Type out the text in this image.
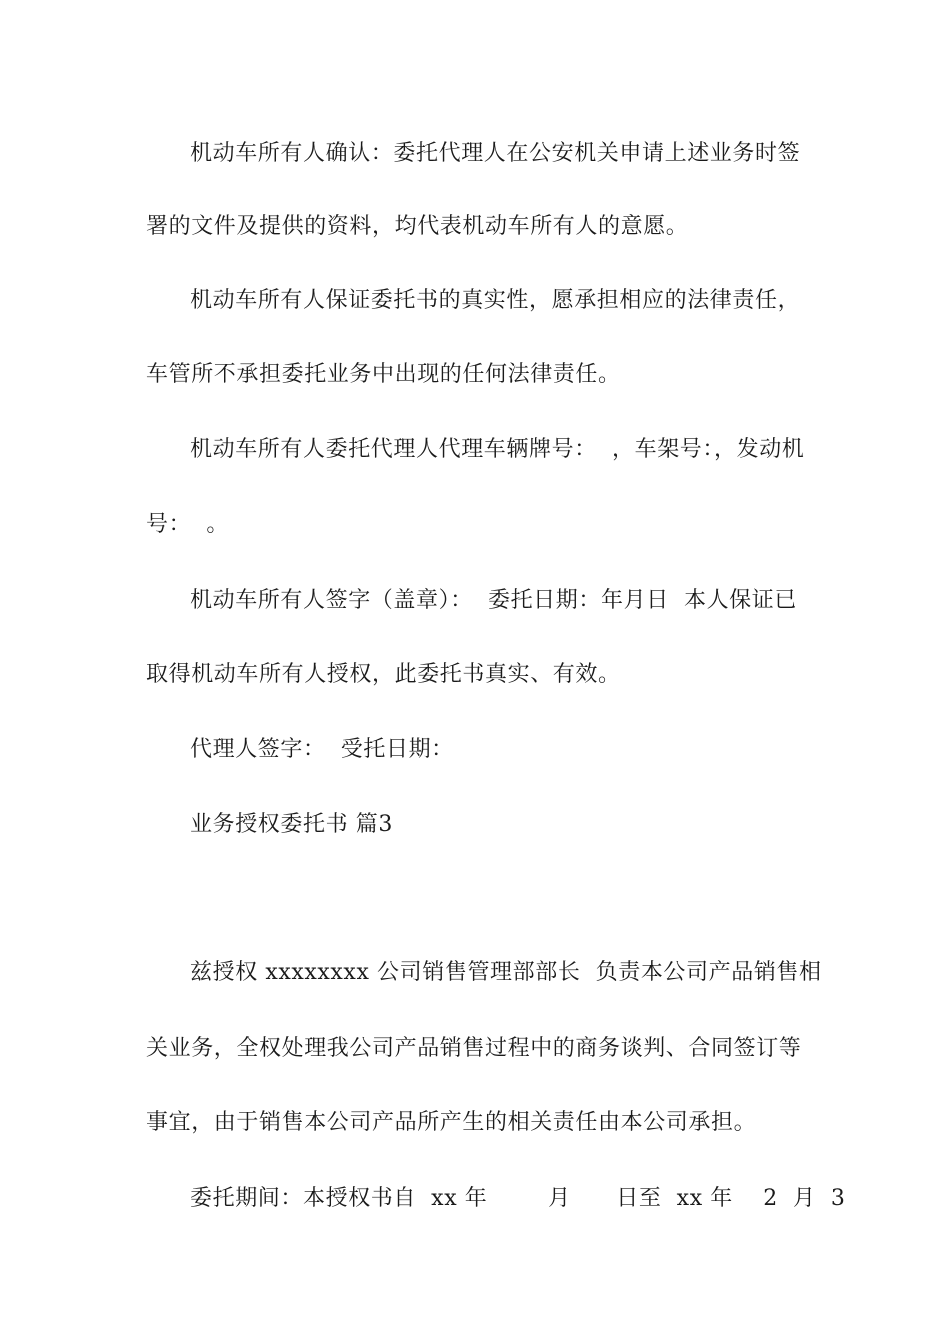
机动车所有人确认：委托代理人在公安机关申请上述业务时签
署的文件及提供的资料，均代表机动车所有人的意愿。
机动车所有人保证委托书的真实性，愿承担相应的法律责任，
车管所不承担委托业务中出现的任何法律责任。
机动车所有人委托代理人代理车辆牌号：  ，车架号：，发动机
号：  。
机动车所有人签字（盖章）：  委托日期：年月日  本人保证已
取得机动车所有人授权，此委托书真实、有效。
代理人签字：  受托日期：
业务授权委托书 篇3
兹授权 xxxxxxxx 公司销售管理部部长  负责本公司产品销售相
关业务，全权处理我公司产品销售过程中的商务谈判、合同签订等
事宜，由于销售本公司产品所产生的相关责任由本公司承担。
委托期间：本授权书自  xx 年        月      日至  xx 年    2  月  3
